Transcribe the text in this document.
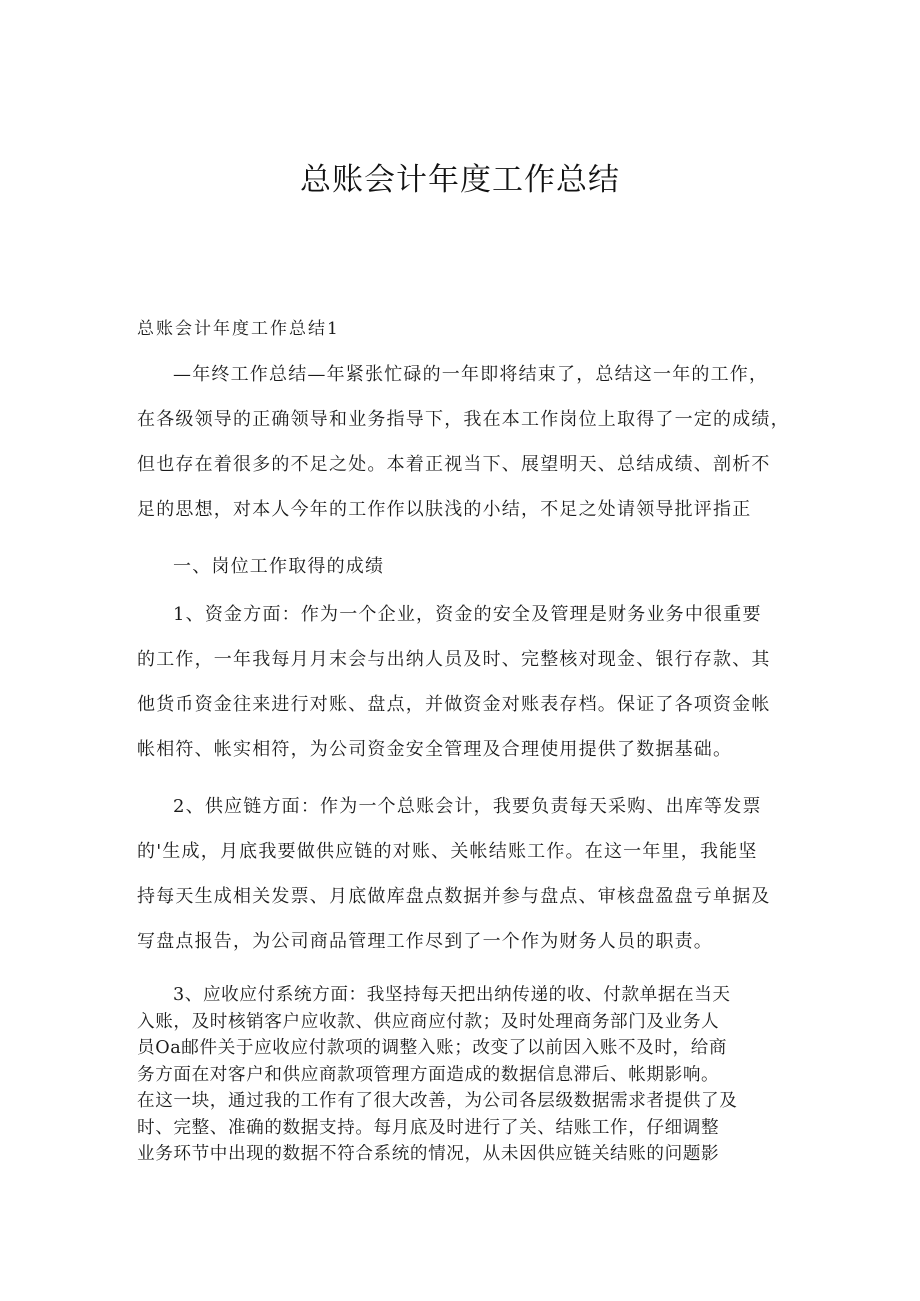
总账会计年度工作总结

总账会计年度工作总结1

—年终工作总结—年紧张忙碌的一年即将结束了，总结这一年的工作，
在各级领导的正确领导和业务指导下，我在本工作岗位上取得了一定的成绩，
但也存在着很多的不足之处。本着正视当下、展望明天、总结成绩、剖析不
足的思想，对本人今年的工作作以肤浅的小结，不足之处请领导批评指正
一、岗位工作取得的成绩
1、资金方面：作为一个企业，资金的安全及管理是财务业务中很重要
的工作，一年我每月月末会与出纳人员及时、完整核对现金、银行存款、其
他货币资金往来进行对账、盘点，并做资金对账表存档。保证了各项资金帐
帐相符、帐实相符，为公司资金安全管理及合理使用提供了数据基础。
2、供应链方面：作为一个总账会计，我要负责每天采购、出库等发票
的'生成，月底我要做供应链的对账、关帐结账工作。在这一年里，我能坚
持每天生成相关发票、月底做库盘点数据并参与盘点、审核盘盈盘亏单据及
写盘点报告，为公司商品管理工作尽到了一个作为财务人员的职责。
3、应收应付系统方面：我坚持每天把出纳传递的收、付款单据在当天
入账，及时核销客户应收款、供应商应付款；及时处理商务部门及业务人
员Oa邮件关于应收应付款项的调整入账；改变了以前因入账不及时，给商
务方面在对客户和供应商款项管理方面造成的数据信息滞后、帐期影响。
在这一块，通过我的工作有了很大改善，为公司各层级数据需求者提供了及
时、完整、准确的数据支持。每月底及时进行了关、结账工作，仔细调整
业务环节中出现的数据不符合系统的情况，从未因供应链关结账的问题影
